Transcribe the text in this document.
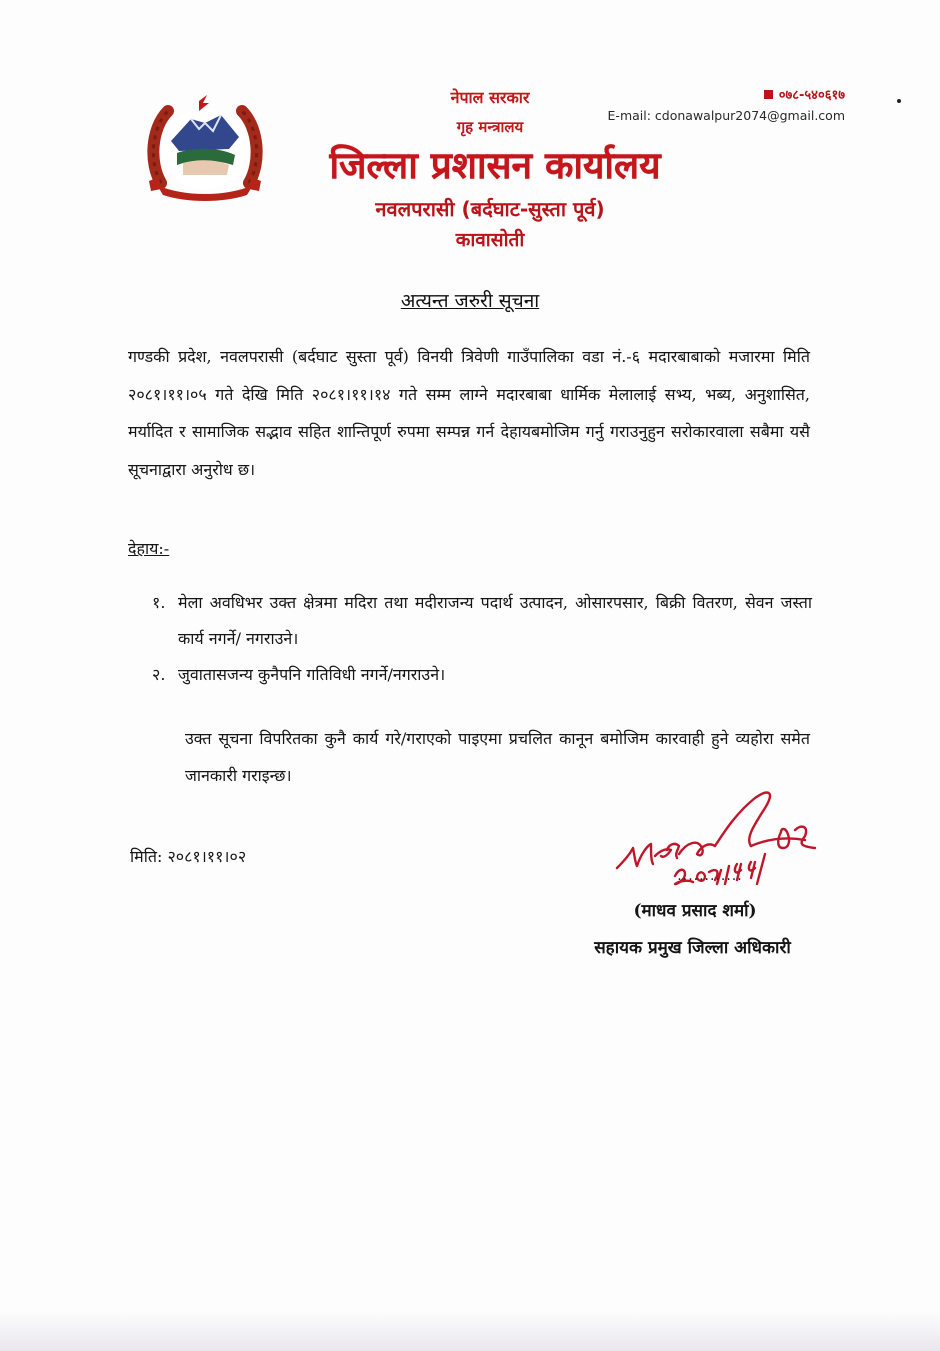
नेपाल सरकार
गृह मन्त्रालय
जिल्ला प्रशासन कार्यालय
नवलपरासी (बर्दघाट-सुस्ता पूर्व)
कावासोती
०७८-५४०६१७
E-mail: cdonawalpur2074@gmail.com
अत्यन्त जरुरी सूचना

गण्डकी प्रदेश, नवलपरासी (बर्दघाट सुस्ता पूर्व) विनयी त्रिवेणी गाउँपालिका वडा नं.-६ मदारबाबाको मजारमा मिति २०८१।११।०५ गते देखि मिति २०८१।११।१४ गते सम्म लाग्ने मदारबाबा धार्मिक मेलालाई सभ्य, भब्य, अनुशासित, मर्यादित र सामाजिक सद्भाव सहित शान्तिपूर्ण रुपमा सम्पन्न गर्न देहायबमोजिम गर्नु गराउनुहुन सरोकारवाला सबैमा यसै सूचनाद्वारा अनुरोध छ।

देहाय:-
१. मेला अवधिभर उक्त क्षेत्रमा मदिरा तथा मदीराजन्य पदार्थ उत्पादन, ओसारपसार, बिक्री वितरण, सेवन जस्ता कार्य नगर्ने/ नगराउने।
२. जुवातासजन्य कुनैपनि गतिविधी नगर्ने/नगराउने।
उक्त सूचना विपरितका कुनै कार्य गरे/गराएको पाइएमा प्रचलित कानून बमोजिम कारवाही हुने व्यहोरा समेत जानकारी गराइन्छ।
मिति: २०८१।११।०२
............
(माधव प्रसाद शर्मा)
सहायक प्रमुख जिल्ला अधिकारी
